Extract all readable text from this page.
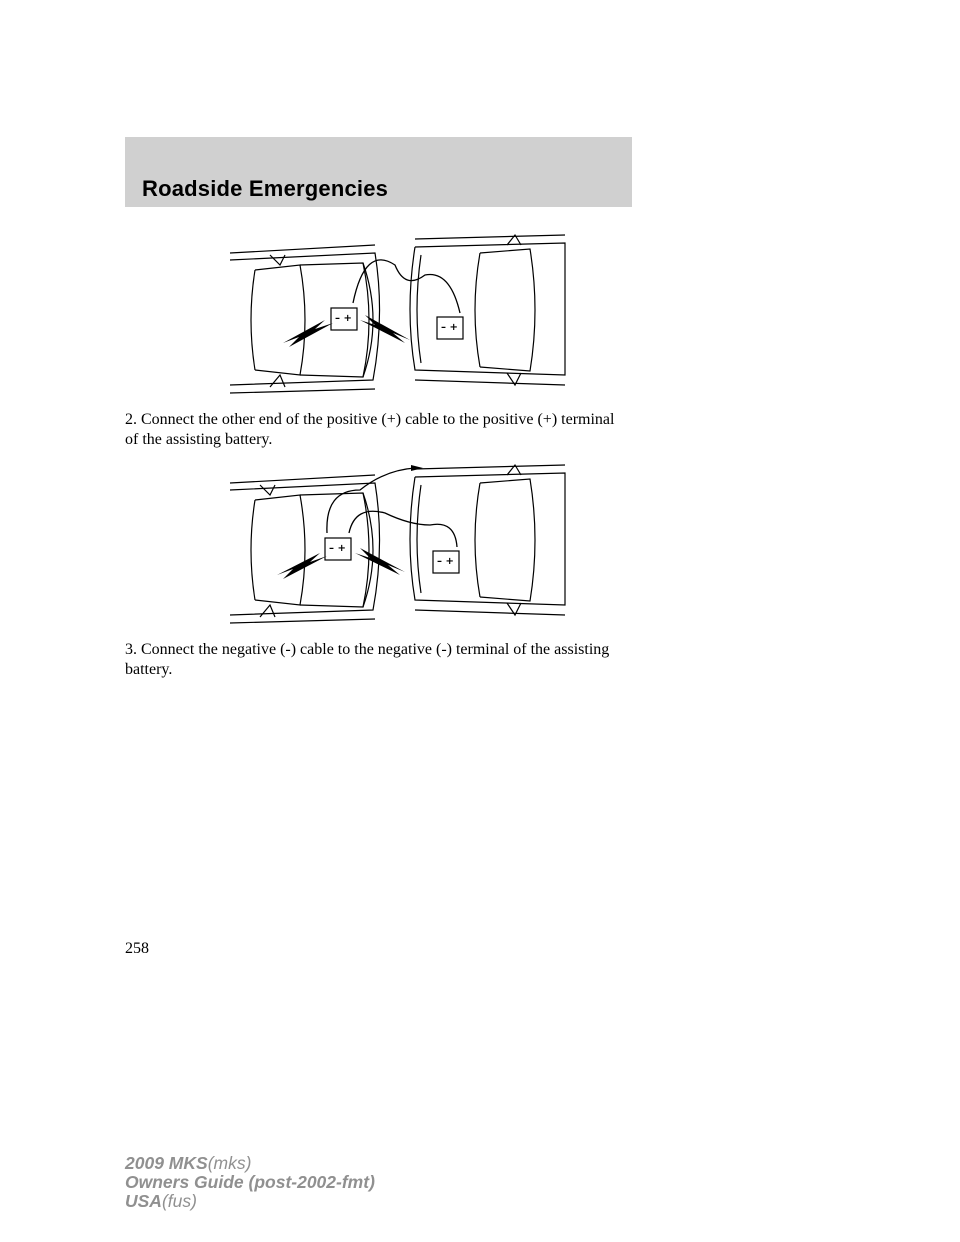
Roadside Emergencies
– +
– +

2. Connect the other end of the positive (+) cable to the positive (+) terminal of the assisting battery.

– +
– +

3. Connect the negative (-) cable to the negative (-) terminal of the assisting battery.

258

2009 MKS(mks)
Owners Guide (post-2002-fmt)
USA(fus)
